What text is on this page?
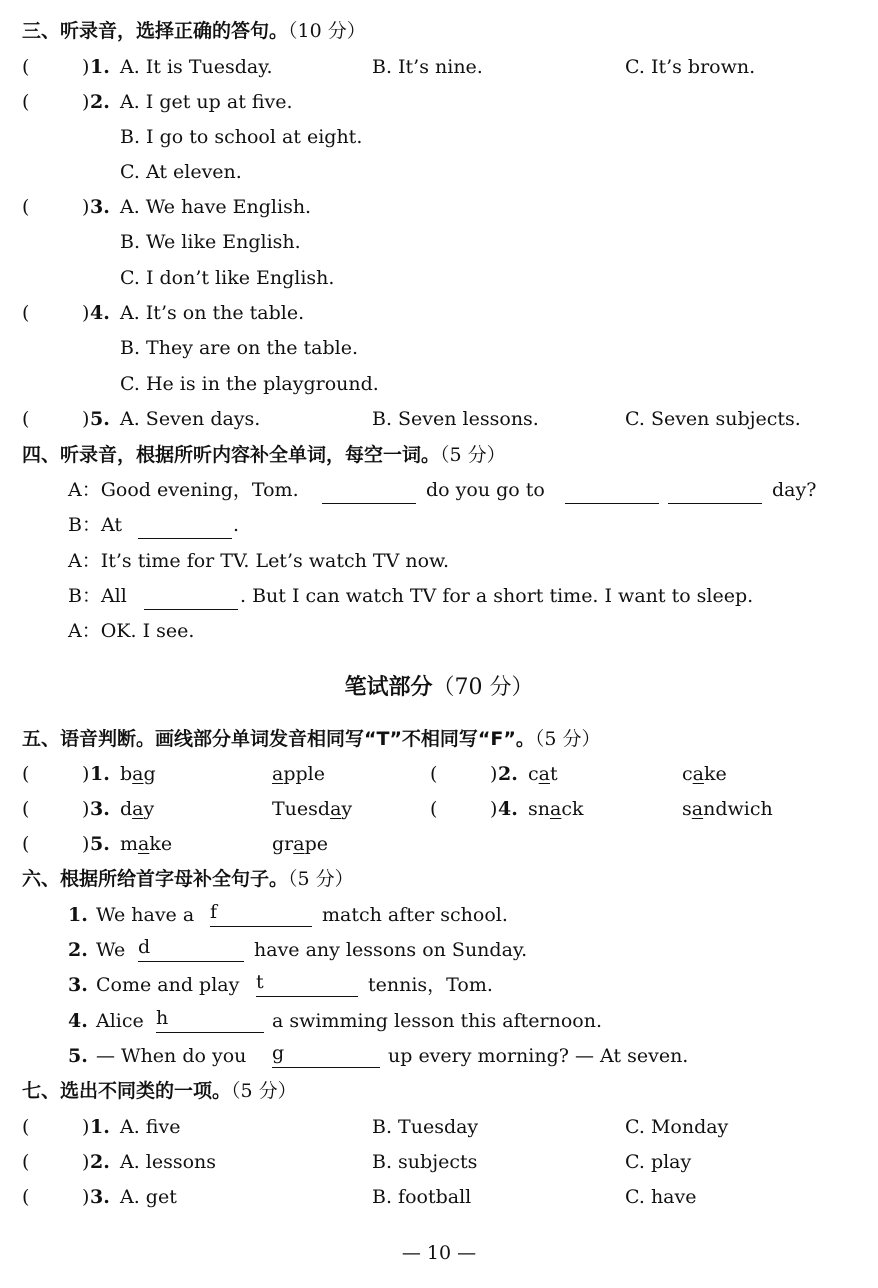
三、听录音，选择正确的答句。（10 分）
(	) 1. A. It is Tuesday.	B. It’s nine.	C. It’s brown.
(	) 2. A. I get up at five.
B. I go to school at eight.
C. At eleven.
(	) 3. A. We have English.
B. We like English.
C. I don’t like English.
(	) 4. A. It’s on the table.
B. They are on the table.
C. He is in the playground.
(	) 5. A. Seven days.	B. Seven lessons.	C. Seven subjects.
四、听录音，根据所听内容补全单词，每空一词。（5 分）
A：Good evening，Tom.	do you go to	day?
B：At	.
A：It’s time for TV. Let’s watch TV now.
B：All	. But I can watch TV for a short time. I want to sleep.
A：OK. I see.
笔试部分（70 分）
五、语音判断。画线部分单词发音相同写“T”不相同写“F”。（5 分）
(	) 1. bag	apple	(	) 2. cat	cake
(	) 3. day	Tuesday	(	) 4. snack	sandwich
(	) 5. make	grape
六、根据所给首字母补全句子。（5 分）
1. We have a f	match after school.
2. We d	have any lessons on Sunday.
3. Come and play t	tennis，Tom.
4. Alice h	a swimming lesson this afternoon.
5. — When do you g	up every morning? — At seven.
七、选出不同类的一项。（5 分）
(	) 1. A. five	B. Tuesday	C. Monday
(	) 2. A. lessons	B. subjects	C. play
(	) 3. A. get	B. football	C. have
— 10 —
